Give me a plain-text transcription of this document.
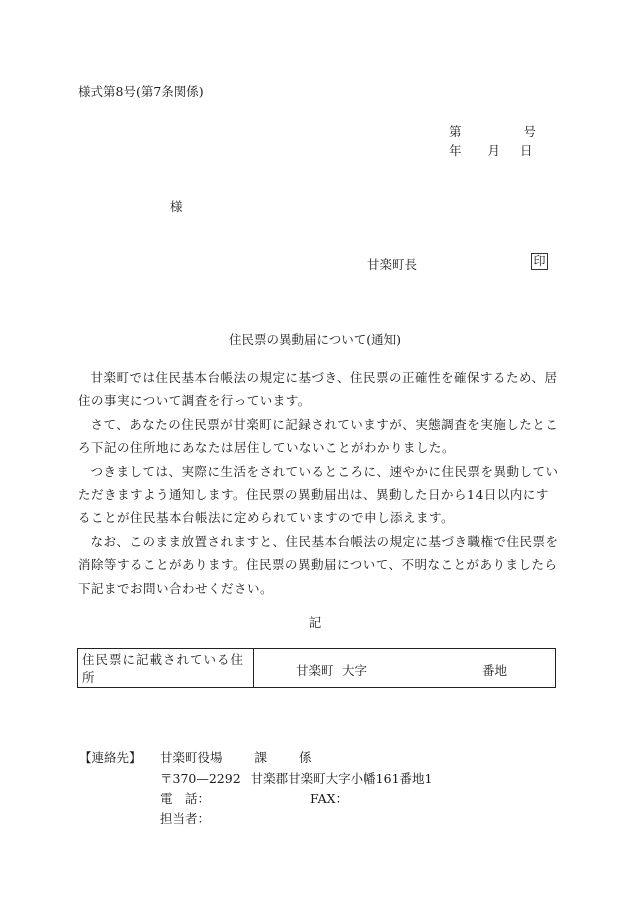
様式第8号(第7条関係)
第	号
年 月 日
様
甘楽町長	印
住民票の異動届について(通知)

甘楽町では住民基本台帳法の規定に基づき、住民票の正確性を確保するため、居住の事実について調査を行っています。

さて、あなたの住民票が甘楽町に記録されていますが、実態調査を実施したところ下記の住所地にあなたは居住していないことがわかりました。

つきましては、実際に生活をされているところに、速やかに住民票を異動していただきますよう通知します。住民票の異動届出は、異動した日から14日以内にすることが住民基本台帳法に定められていますので申し添えます。

なお、このまま放置されますと、住民基本台帳法の規定に基づき職権で住民票を消除等することがあります。住民票の異動届について、不明なことがありましたら下記までお問い合わせください。

記
住民票に記載されている住所	甘楽町 大字	番地
【連絡先】 甘楽町役場	課	係
〒370—2292 甘楽郡甘楽町大字小幡161番地1
電　話：	FAX：
担当者：
